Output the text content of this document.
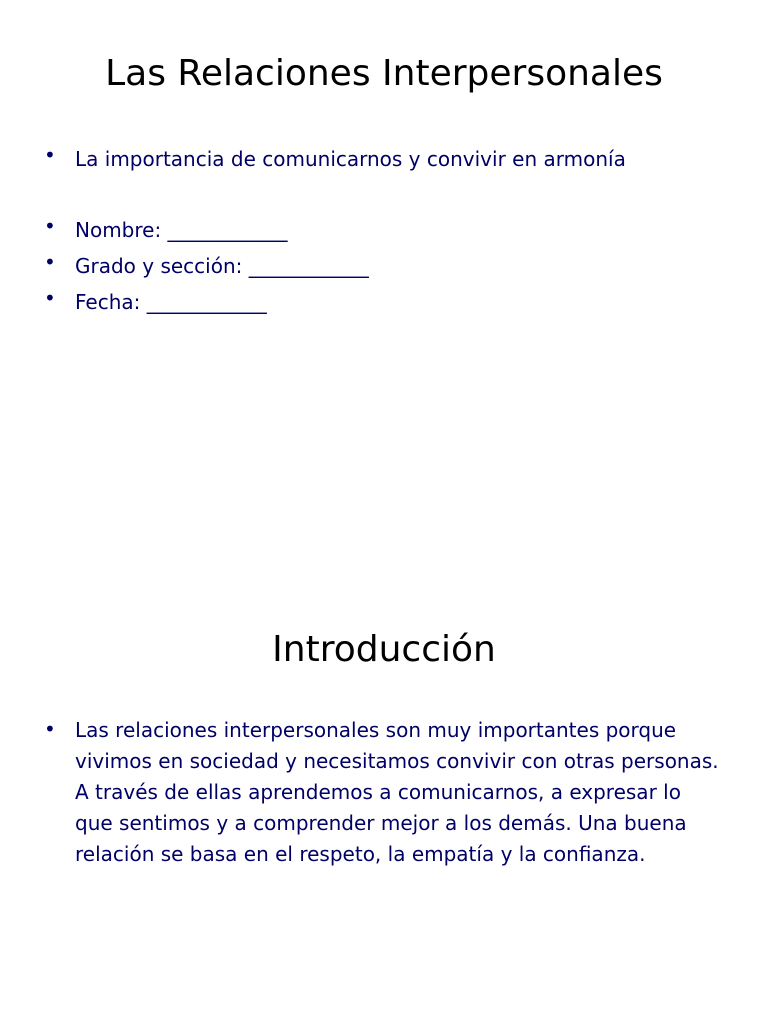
Las Relaciones Interpersonales
• La importancia de comunicarnos y convivir en armonía
• Nombre: ____________
• Grado y sección: ____________
• Fecha: ____________
Introducción
• Las relaciones interpersonales son muy importantes porque vivimos en sociedad y necesitamos convivir con otras personas. A través de ellas aprendemos a comunicarnos, a expresar lo que sentimos y a comprender mejor a los demás. Una buena relación se basa en el respeto, la empatía y la confianza.
